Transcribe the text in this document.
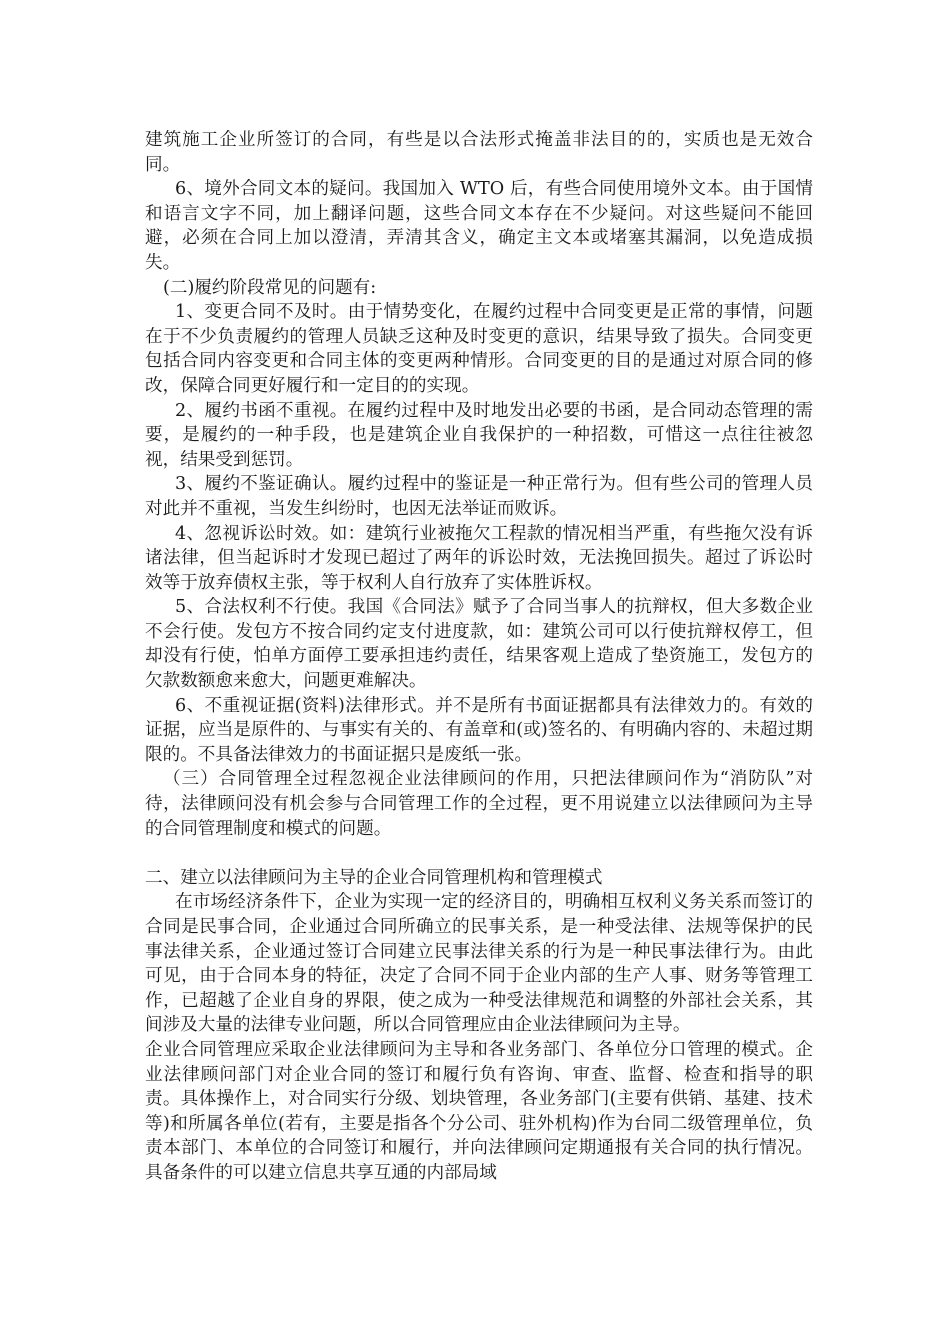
建筑施工企业所签订的合同，有些是以合法形式掩盖非法目的的，实质也是无效合同。

6、境外合同文本的疑问。我国加入 WTO 后，有些合同使用境外文本。由于国情和语言文字不同，加上翻译问题，这些合同文本存在不少疑问。对这些疑问不能回避，必须在合同上加以澄清，弄清其含义，确定主文本或堵塞其漏洞，以免造成损失。

(二)履约阶段常见的问题有:

1、变更合同不及时。由于情势变化，在履约过程中合同变更是正常的事情，问题在于不少负责履约的管理人员缺乏这种及时变更的意识，结果导致了损失。合同变更包括合同内容变更和合同主体的变更两种情形。合同变更的目的是通过对原合同的修改，保障合同更好履行和一定目的的实现。

2、履约书函不重视。在履约过程中及时地发出必要的书函，是合同动态管理的需要，是履约的一种手段，也是建筑企业自我保护的一种招数，可惜这一点往往被忽视，结果受到惩罚。

3、履约不鉴证确认。履约过程中的鉴证是一种正常行为。但有些公司的管理人员对此并不重视，当发生纠纷时，也因无法举证而败诉。

4、忽视诉讼时效。如：建筑行业被拖欠工程款的情况相当严重，有些拖欠没有诉诸法律，但当起诉时才发现已超过了两年的诉讼时效，无法挽回损失。超过了诉讼时效等于放弃债权主张，等于权利人自行放弃了实体胜诉权。

5、合法权利不行使。我国《合同法》赋予了合同当事人的抗辩权，但大多数企业不会行使。发包方不按合同约定支付进度款，如：建筑公司可以行使抗辩权停工，但却没有行使，怕单方面停工要承担违约责任，结果客观上造成了垫资施工，发包方的欠款数额愈来愈大，问题更难解决。

6、不重视证据(资料)法律形式。并不是所有书面证据都具有法律效力的。有效的证据，应当是原件的、与事实有关的、有盖章和(或)签名的、有明确内容的、未超过期限的。不具备法律效力的书面证据只是废纸一张。

（三）合同管理全过程忽视企业法律顾问的作用，只把法律顾问作为“消防队”对待，法律顾问没有机会参与合同管理工作的全过程，更不用说建立以法律顾问为主导的合同管理制度和模式的问题。

二、建立以法律顾问为主导的企业合同管理机构和管理模式

在市场经济条件下，企业为实现一定的经济目的，明确相互权利义务关系而签订的合同是民事合同，企业通过合同所确立的民事关系，是一种受法律、法规等保护的民事法律关系，企业通过签订合同建立民事法律关系的行为是一种民事法律行为。由此可见，由于合同本身的特征，决定了合同不同于企业内部的生产人事、财务等管理工作，已超越了企业自身的界限，使之成为一种受法律规范和调整的外部社会关系，其间涉及大量的法律专业问题，所以合同管理应由企业法律顾问为主导。

企业合同管理应采取企业法律顾问为主导和各业务部门、各单位分口管理的模式。企业法律顾问部门对企业合同的签订和履行负有咨询、审查、监督、检查和指导的职责。具体操作上，对合同实行分级、划块管理，各业务部门(主要有供销、基建、技术等)和所属各单位(若有，主要是指各个分公司、驻外机构)作为台同二级管理单位，负责本部门、本单位的合同签订和履行，并向法律顾问定期通报有关合同的执行情况。具备条件的可以建立信息共享互通的内部局域
